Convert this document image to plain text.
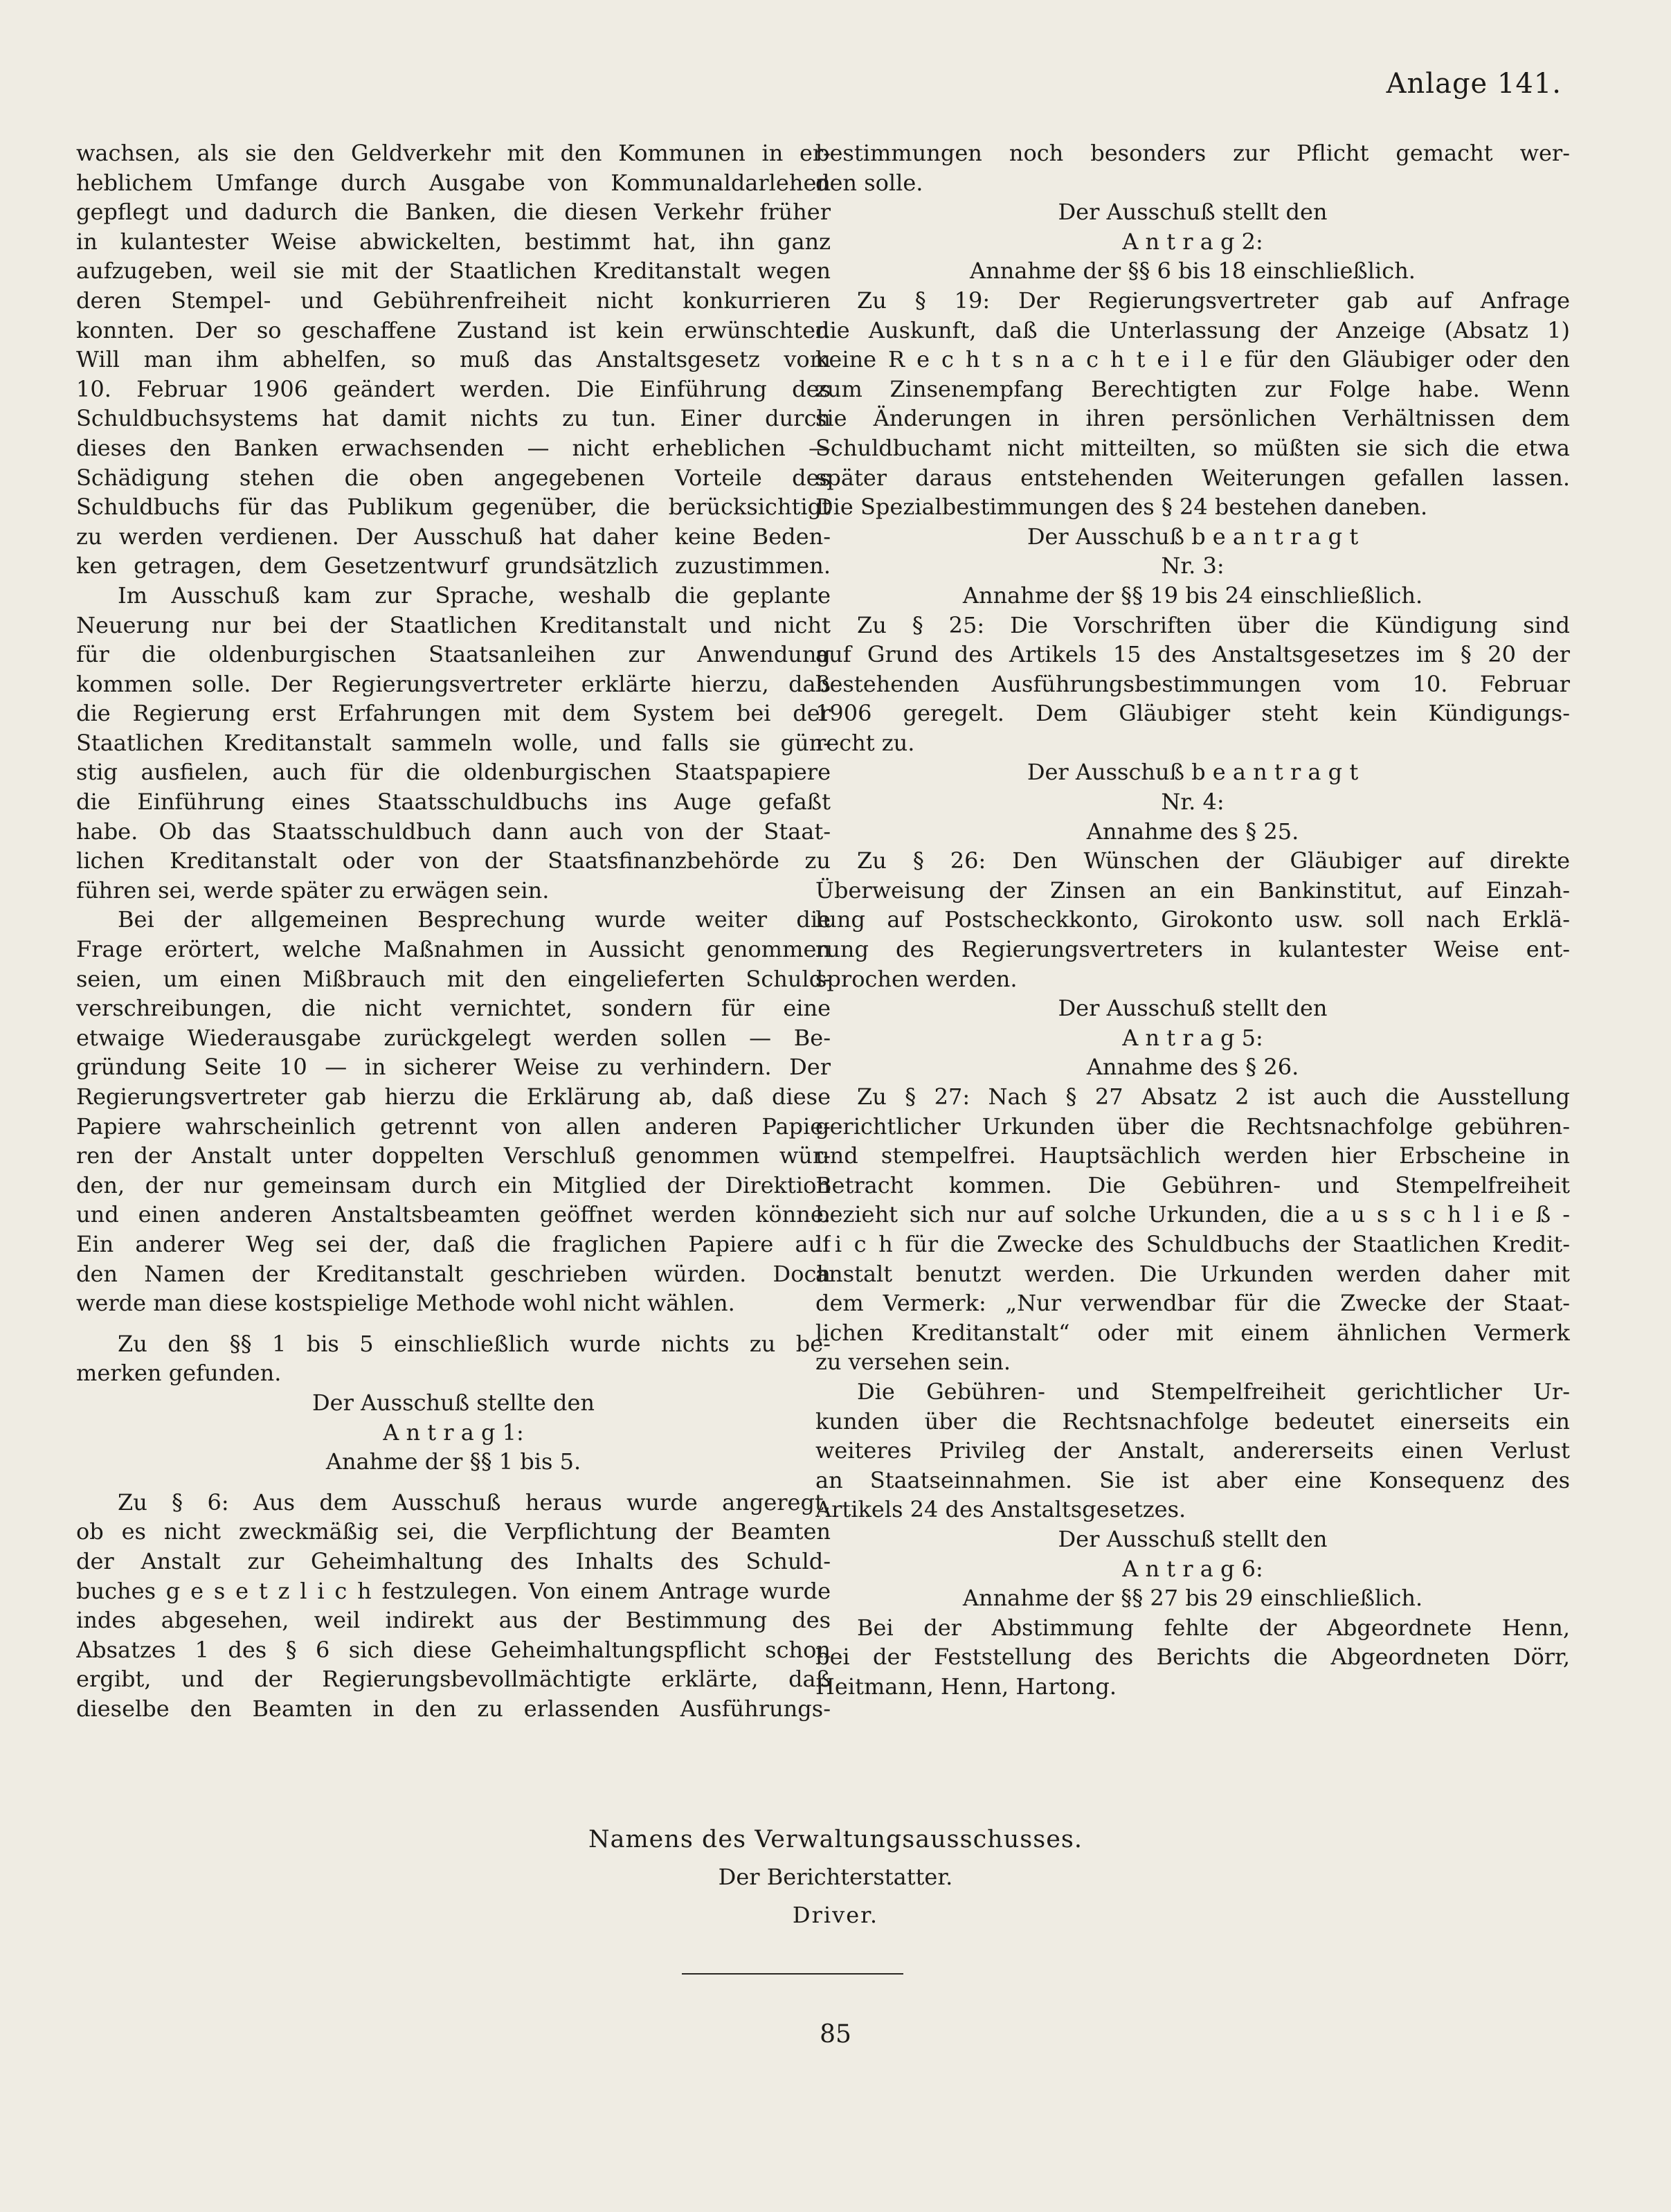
Anlage 141.
wachsen, als sie den Geldverkehr mit den Kommunen in er-
heblichem Umfange durch Ausgabe von Kommunaldarlehen
gepflegt und dadurch die Banken, die diesen Verkehr früher
in kulantester Weise abwickelten, bestimmt hat, ihn ganz
aufzugeben, weil sie mit der Staatlichen Kreditanstalt wegen
deren Stempel- und Gebührenfreiheit nicht konkurrieren
konnten. Der so geschaffene Zustand ist kein erwünschter.
Will man ihm abhelfen, so muß das Anstaltsgesetz vom
10. Februar 1906 geändert werden. Die Einführung des
Schuldbuchsystems hat damit nichts zu tun. Einer durch
dieses den Banken erwachsenden — nicht erheblichen —
Schädigung stehen die oben angegebenen Vorteile des
Schuldbuchs für das Publikum gegenüber, die berücksichtigt
zu werden verdienen. Der Ausschuß hat daher keine Beden-
ken getragen, dem Gesetzentwurf grundsätzlich zuzustimmen.
Im Ausschuß kam zur Sprache, weshalb die geplante
Neuerung nur bei der Staatlichen Kreditanstalt und nicht
für die oldenburgischen Staatsanleihen zur Anwendung
kommen solle. Der Regierungsvertreter erklärte hierzu, daß
die Regierung erst Erfahrungen mit dem System bei der
Staatlichen Kreditanstalt sammeln wolle, und falls sie gün-
stig ausfielen, auch für die oldenburgischen Staatspapiere
die Einführung eines Staatsschuldbuchs ins Auge gefaßt
habe. Ob das Staatsschuldbuch dann auch von der Staat-
lichen Kreditanstalt oder von der Staatsfinanzbehörde zu
führen sei, werde später zu erwägen sein.
Bei der allgemeinen Besprechung wurde weiter die
Frage erörtert, welche Maßnahmen in Aussicht genommen
seien, um einen Mißbrauch mit den eingelieferten Schuld-
verschreibungen, die nicht vernichtet, sondern für eine
etwaige Wiederausgabe zurückgelegt werden sollen — Be-
gründung Seite 10 — in sicherer Weise zu verhindern. Der
Regierungsvertreter gab hierzu die Erklärung ab, daß diese
Papiere wahrscheinlich getrennt von allen anderen Papie-
ren der Anstalt unter doppelten Verschluß genommen wür-
den, der nur gemeinsam durch ein Mitglied der Direktion
und einen anderen Anstaltsbeamten geöffnet werden könne.
Ein anderer Weg sei der, daß die fraglichen Papiere auf
den Namen der Kreditanstalt geschrieben würden. Doch
werde man diese kostspielige Methode wohl nicht wählen.
Zu den §§ 1 bis 5 einschließlich wurde nichts zu be-
merken gefunden.
Der Ausschuß stellte den
A n t r a g 1:
Anahme der §§ 1 bis 5.
Zu § 6: Aus dem Ausschuß heraus wurde angeregt,
ob es nicht zweckmäßig sei, die Verpflichtung der Beamten
der Anstalt zur Geheimhaltung des Inhalts des Schuld-
buches g e s e t z l i c h festzulegen. Von einem Antrage wurde
indes abgesehen, weil indirekt aus der Bestimmung des
Absatzes 1 des § 6 sich diese Geheimhaltungspflicht schon
ergibt, und der Regierungsbevollmächtigte erklärte, daß
dieselbe den Beamten in den zu erlassenden Ausführungs-
bestimmungen noch besonders zur Pflicht gemacht wer-
den solle.
Der Ausschuß stellt den
A n t r a g 2:
Annahme der §§ 6 bis 18 einschließlich.
Zu § 19: Der Regierungsvertreter gab auf Anfrage
die Auskunft, daß die Unterlassung der Anzeige (Absatz 1)
keine R e c h t s n a c h t e i l e für den Gläubiger oder den
zum Zinsenempfang Berechtigten zur Folge habe. Wenn
sie Änderungen in ihren persönlichen Verhältnissen dem
Schuldbuchamt nicht mitteilten, so müßten sie sich die etwa
später daraus entstehenden Weiterungen gefallen lassen.
Die Spezialbestimmungen des § 24 bestehen daneben.
Der Ausschuß b e a n t r a g t
Nr. 3:
Annahme der §§ 19 bis 24 einschließlich.
Zu § 25: Die Vorschriften über die Kündigung sind
auf Grund des Artikels 15 des Anstaltsgesetzes im § 20 der
bestehenden Ausführungsbestimmungen vom 10. Februar
1906 geregelt. Dem Gläubiger steht kein Kündigungs-
recht zu.
Der Ausschuß b e a n t r a g t
Nr. 4:
Annahme des § 25.
Zu § 26: Den Wünschen der Gläubiger auf direkte
Überweisung der Zinsen an ein Bankinstitut, auf Einzah-
lung auf Postscheckkonto, Girokonto usw. soll nach Erklä-
rung des Regierungsvertreters in kulantester Weise ent-
sprochen werden.
Der Ausschuß stellt den
A n t r a g 5:
Annahme des § 26.
Zu § 27: Nach § 27 Absatz 2 ist auch die Ausstellung
gerichtlicher Urkunden über die Rechtsnachfolge gebühren-
und stempelfrei. Hauptsächlich werden hier Erbscheine in
Betracht kommen. Die Gebühren- und Stempelfreiheit
bezieht sich nur auf solche Urkunden, die a u s s c h l i e ß -
l i c h für die Zwecke des Schuldbuchs der Staatlichen Kredit-
anstalt benutzt werden. Die Urkunden werden daher mit
dem Vermerk: „Nur verwendbar für die Zwecke der Staat-
lichen Kreditanstalt“ oder mit einem ähnlichen Vermerk
zu versehen sein.
Die Gebühren- und Stempelfreiheit gerichtlicher Ur-
kunden über die Rechtsnachfolge bedeutet einerseits ein
weiteres Privileg der Anstalt, andererseits einen Verlust
an Staatseinnahmen. Sie ist aber eine Konsequenz des
Artikels 24 des Anstaltsgesetzes.
Der Ausschuß stellt den
A n t r a g 6:
Annahme der §§ 27 bis 29 einschließlich.
Bei der Abstimmung fehlte der Abgeordnete Henn,
bei der Feststellung des Berichts die Abgeordneten Dörr,
Heitmann, Henn, Hartong.
Namens des Verwaltungsausschusses.
Der Berichterstatter.
Driver.
85
